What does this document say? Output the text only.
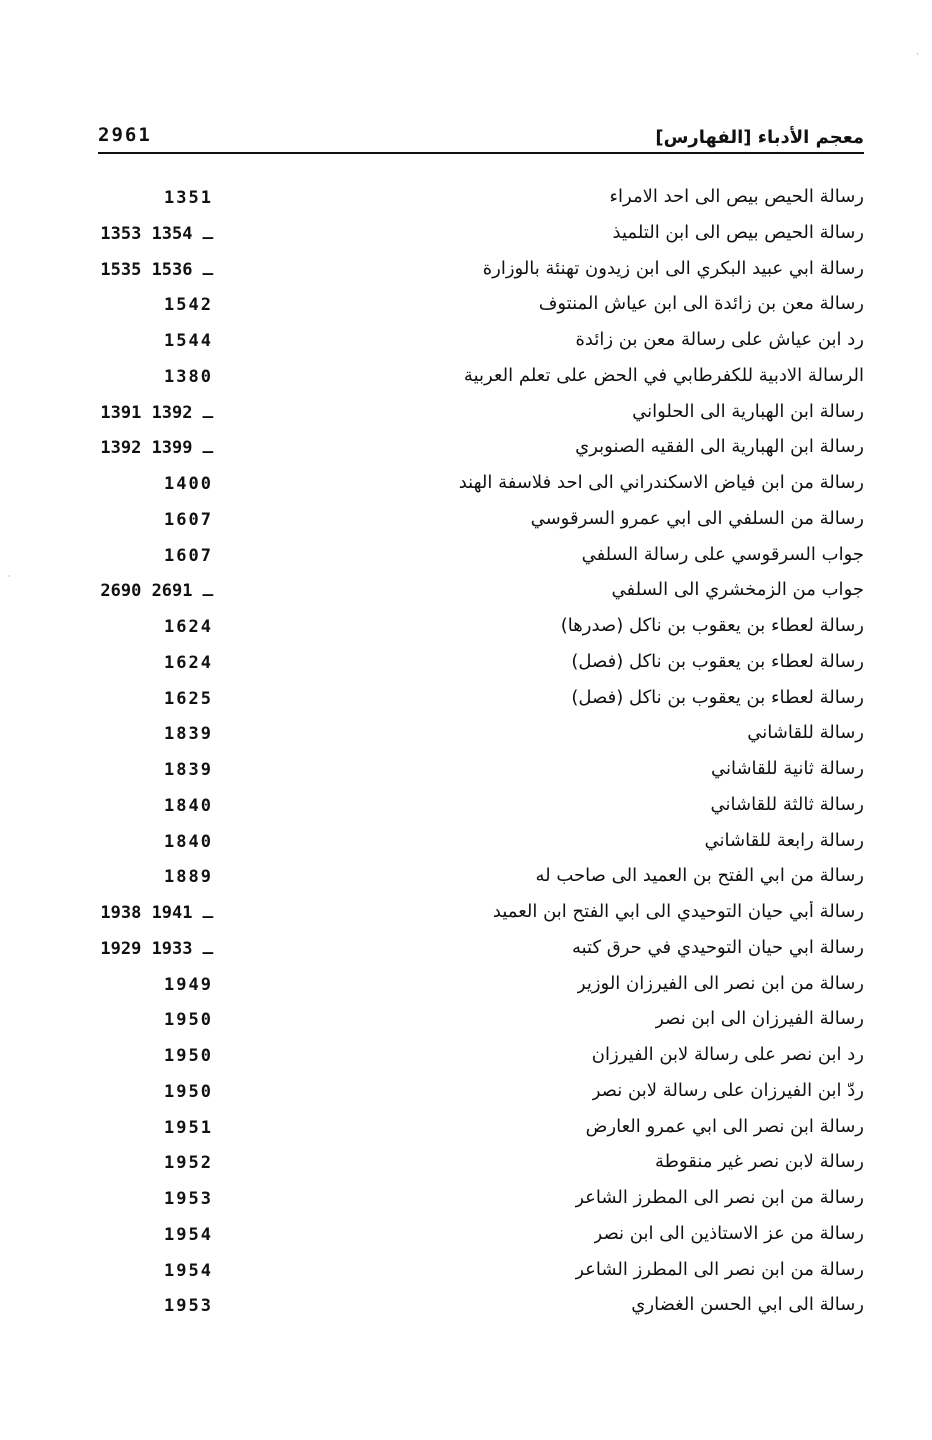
·
·
2961	معجم الأدباء [الفهارس]
رسالة الحيص بيص الى احد الامراء
1351
رسالة الحيص بيص الى ابن التلميذ
1353 ـ 1354
رسالة ابي عبيد البكري الى ابن زيدون تهنئة بالوزارة
1535 ـ 1536
رسالة معن بن زائدة الى ابن عياش المنتوف
1542
رد ابن عياش على رسالة معن بن زائدة
1544
الرسالة الادبية للكفرطابي في الحض على تعلم العربية
1380
رسالة ابن الهبارية الى الحلواني
1391 ـ 1392
رسالة ابن الهبارية الى الفقيه الصنوبري
1392 ـ 1399
رسالة من ابن فياض الاسكندراني الى احد فلاسفة الهند
1400
رسالة من السلفي الى ابي عمرو السرقوسي
1607
جواب السرقوسي على رسالة السلفي
1607
جواب من الزمخشري الى السلفي
2690 ـ 2691
رسالة لعطاء بن يعقوب بن ناكل (صدرها)
1624
رسالة لعطاء بن يعقوب بن ناكل (فصل)
1624
رسالة لعطاء بن يعقوب بن ناكل (فصل)
1625
رسالة للقاشاني
1839
رسالة ثانية للقاشاني
1839
رسالة ثالثة للقاشاني
1840
رسالة رابعة للقاشاني
1840
رسالة من ابي الفتح بن العميد الى صاحب له
1889
رسالة أبي حيان التوحيدي الى ابي الفتح ابن العميد
1938 ـ 1941
رسالة ابي حيان التوحيدي في حرق كتبه
1929 ـ 1933
رسالة من ابن نصر الى الفيرزان الوزير
1949
رسالة الفيرزان الى ابن نصر
1950
رد ابن نصر على رسالة لابن الفيرزان
1950
ردّ ابن الفيرزان على رسالة لابن نصر
1950
رسالة ابن نصر الى ابي عمرو العارض
1951
رسالة لابن نصر غير منقوطة
1952
رسالة من ابن نصر الى المطرز الشاعر
1953
رسالة من عز الاستاذين الى ابن نصر
1954
رسالة من ابن نصر الى المطرز الشاعر
1954
رسالة الى ابي الحسن الغضاري
1953
